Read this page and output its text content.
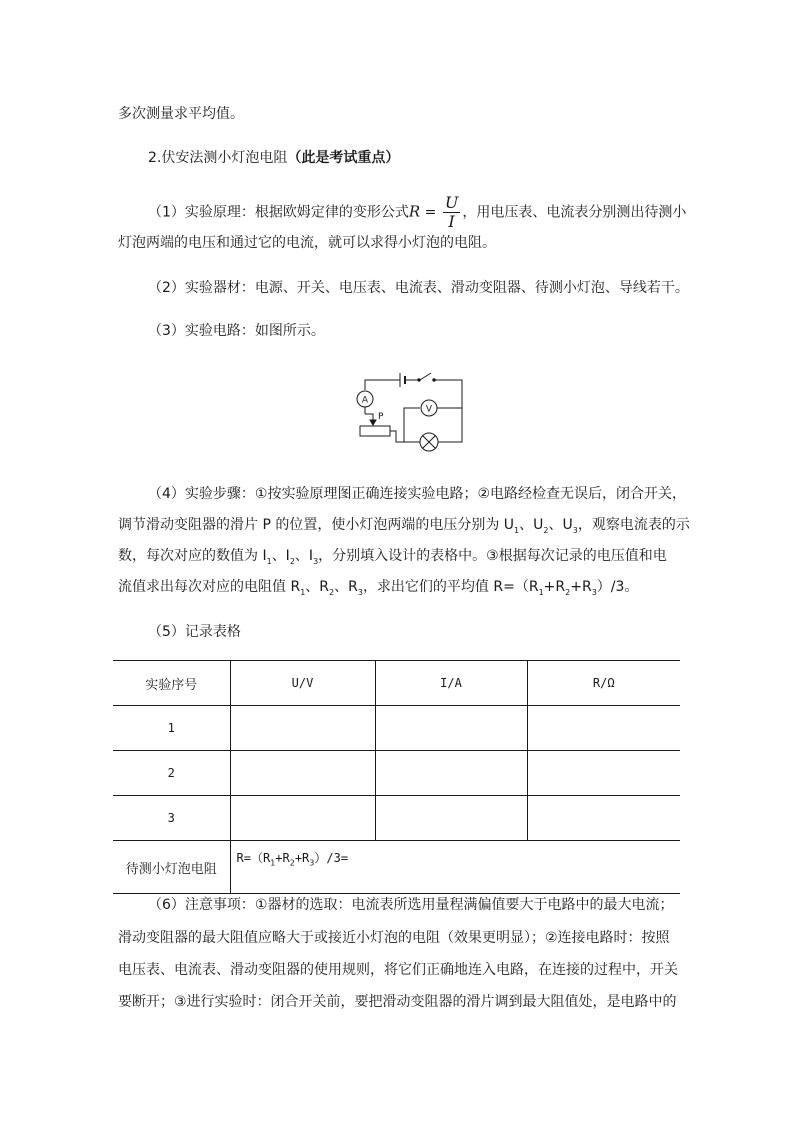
多次测量求平均值。
2.伏安法测小灯泡电阻（此是考试重点）
（1）实验原理：根据欧姆定律的变形公式$R = \frac{U}{I}$ ，用电压表、电流表分别测出待测小
灯泡两端的电压和通过它的电流，就可以求得小灯泡的电阻。
（2）实验器材：电源、开关、电压表、电流表、滑动变阻器、待测小灯泡、导线若干。
（3）实验电路：如图所示。
A
V
P
（4）实验步骤：①按实验原理图正确连接实验电路；②电路经检查无误后，闭合开关，
调节滑动变阻器的滑片 P 的位置，使小灯泡两端的电压分别为 $U_1$、$U_2$、$U_3$，观察电流表的示
数，每次对应的数值为 $I_1$、$I_2$、$I_3$，分别填入设计的表格中。③根据每次记录的电压值和电
流值求出每次对应的电阻值 $R_1$、$R_2$、$R_3$，求出它们的平均值 $R=(R_1+R_2+R_3)/3$。
（5）记录表格
实验序号	U/V	I/A	R/Ω
1			
2			
3			
待测小灯泡电阻	$R=(R_1+R_2+R_3)/3=$		
（6）注意事项：①器材的选取：电流表所选用量程满偏值要大于电路中的最大电流；
滑动变阻器的最大阻值应略大于或接近小灯泡的电阻（效果更明显）；②连接电路时：按照
电压表、电流表、滑动变阻器的使用规则，将它们正确地连入电路，在连接的过程中，开关
要断开；③进行实验时：闭合开关前，要把滑动变阻器的滑片调到最大阻值处，是电路中的
